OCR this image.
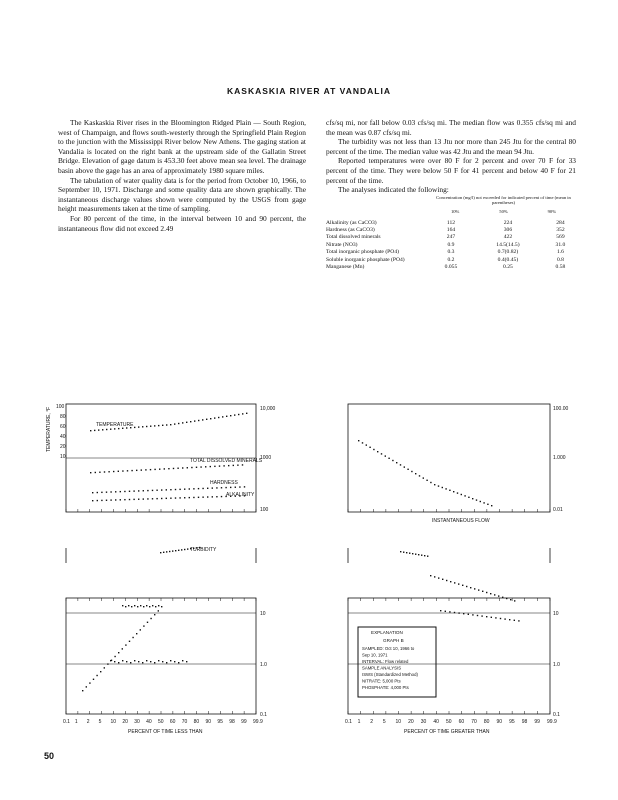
KASKASKIA RIVER AT VANDALIA

The Kaskaskia River rises in the Bloomington Ridged Plain — South Region, west of Champaign, and flows south-westerly through the Springfield Plain Region to the junction with the Mississippi River below New Athens. The gaging station at Vandalia is located on the right bank at the upstream side of the Gallatin Street Bridge. Elevation of gage datum is 453.30 feet above mean sea level. The drainage basin above the gage has an area of approximately 1980 square miles.

The tabulation of water quality data is for the period from October 10, 1966, to September 10, 1971. Discharge and some quality data are shown graphically. The instantaneous discharge values shown were computed by the USGS from gage height measurements taken at the time of sampling.

For 80 percent of the time, in the interval between 10 and 90 percent, the instantaneous flow did not exceed 2.49

cfs/sq mi, nor fall below 0.03 cfs/sq mi. The median flow was 0.355 cfs/sq mi and the mean was 0.87 cfs/sq mi.

The turbidity was not less than 13 Jtu nor more than 245 Jtu for the central 80 percent of the time. The median value was 42 Jtu and the mean 94 Jtu.

Reported temperatures were over 80 F for 2 percent and over 70 F for 33 percent of the time. They were below 50 F for 41 percent and below 40 F for 21 percent of the time.

The analyses indicated the following:

Concentration (mg/l) not exceeded for indicated percent of time (mean in parentheses)
10%	50%	90%
Alkalinity (as CaCO3)	112	224	284
Hardness (as CaCO3)	164	306	352
Total dissolved minerals	247	422	569
Nitrate (NO3)	0.9	14.5(14.5)	31.0
Total inorganic phosphate (PO4)	0.3	0.7(0.82)	1.6
Soluble inorganic phosphate (PO4)	0.2	0.4(0.45)	0.8
Manganese (Mn)	0.055	0.25	0.58
TEMPERATURE, °F	10,000
1000
100
100
80
60
40
20
10
TEMPERATURE
TOTAL DISSOLVED MINERALS
HARDNESS
ALKALINITY
TURBIDITY
100.00
1.000
0.01
INSTANTANEOUS FLOW
10
1.0
0.1
10
1.0
0.1
0.1 1 2 5 10 20 30 40 50 60 70 80 90 95 98 99 99.9	0.1 1 2 5 10 20 30 40 50 60 70 80 90 95 98 99 99.9
PERCENT OF TIME LESS THAN	PERCENT OF TIME GREATER THAN
EXPLANATION
GRAPH B
SAMPLED: Oct 10, 1966 to
Sep 10, 1971
INTERVAL: Flow related
SAMPLE ANALYSIS
ISWS (Standardized Method)
NITRATE: 5,000 Pts
PHOSPHATE: 4,000 Pts
50
